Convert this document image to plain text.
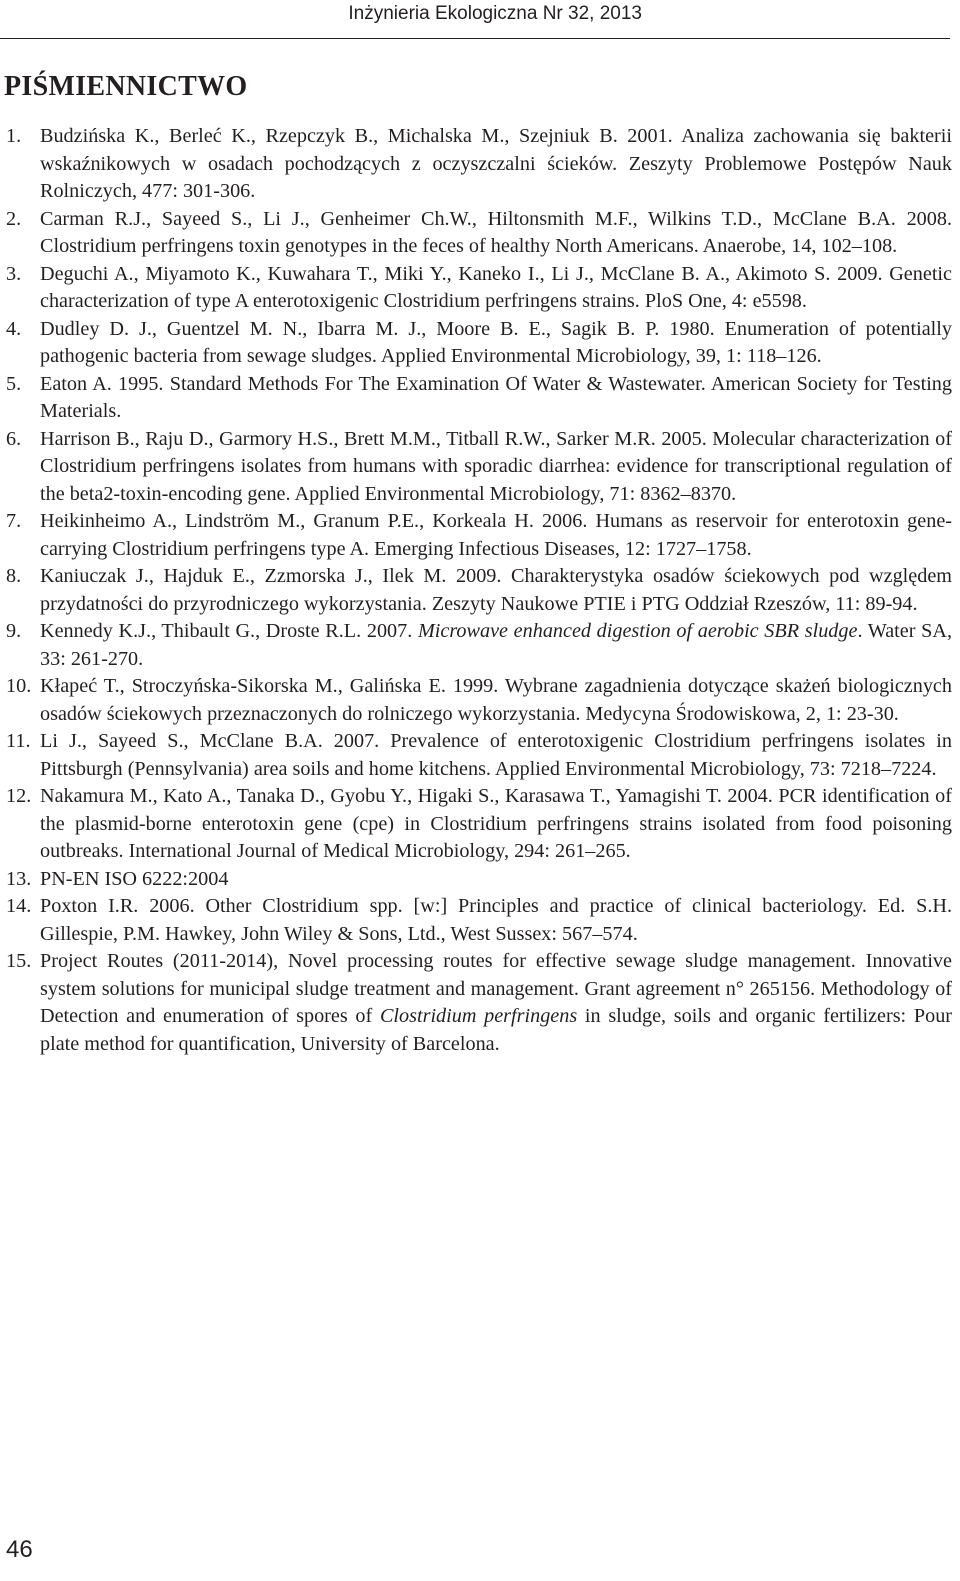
Inżynieria Ekologiczna Nr 32, 2013
PIŚMIENNICTWO
1. Budzińska K., Berleć K., Rzepczyk B., Michalska M., Szejniuk B. 2001. Analiza zachowania się bakterii wskaźnikowych w osadach pochodzących z oczyszczalni ścieków. Zeszyty Problemowe Postępów Nauk Rolniczych, 477: 301-306.
2. Carman R.J., Sayeed S., Li J., Genheimer Ch.W., Hiltonsmith M.F., Wilkins T.D., McClane B.A. 2008. Clostridium perfringens toxin genotypes in the feces of healthy North Americans. Anaerobe, 14, 102–108.
3. Deguchi A., Miyamoto K., Kuwahara T., Miki Y., Kaneko I., Li J., McClane B. A., Akimoto S. 2009. Genetic characterization of type A enterotoxigenic Clostridium perfringens strains. PloS One, 4: e5598.
4. Dudley D. J., Guentzel M. N., Ibarra M. J., Moore B. E., Sagik B. P. 1980. Enumeration of potentially pathogenic bacteria from sewage sludges. Applied Environmental Microbiology, 39, 1: 118–126.
5. Eaton A. 1995. Standard Methods For The Examination Of Water & Wastewater. American Society for Testing Materials.
6. Harrison B., Raju D., Garmory H.S., Brett M.M., Titball R.W., Sarker M.R. 2005. Molecular characterization of Clostridium perfringens isolates from humans with sporadic diarrhea: evidence for transcriptional regulation of the beta2-toxin-encoding gene. Applied Environmental Microbiology, 71: 8362–8370.
7. Heikinheimo A., Lindström M., Granum P.E., Korkeala H. 2006. Humans as reservoir for enterotoxin gene-carrying Clostridium perfringens type A. Emerging Infectious Diseases, 12: 1727–1758.
8. Kaniuczak J., Hajduk E., Zzmorska J., Ilek M. 2009. Charakterystyka osadów ściekowych pod względem przydatności do przyrodniczego wykorzystania. Zeszyty Naukowe PTIE i PTG Oddział Rzeszów, 11: 89-94.
9. Kennedy K.J., Thibault G., Droste R.L. 2007. Microwave enhanced digestion of aerobic SBR sludge. Water SA, 33: 261-270.
10. Kłapeć T., Stroczyńska-Sikorska M., Galińska E. 1999. Wybrane zagadnienia dotyczące skażeń biologicznych osadów ściekowych przeznaczonych do rolniczego wykorzystania. Medycyna Środowiskowa, 2, 1: 23-30.
11. Li J., Sayeed S., McClane B.A. 2007. Prevalence of enterotoxigenic Clostridium perfringens isolates in Pittsburgh (Pennsylvania) area soils and home kitchens. Applied Environmental Microbiology, 73: 7218–7224.
12. Nakamura M., Kato A., Tanaka D., Gyobu Y., Higaki S., Karasawa T., Yamagishi T. 2004. PCR identification of the plasmid-borne enterotoxin gene (cpe) in Clostridium perfringens strains isolated from food poisoning outbreaks. International Journal of Medical Microbiology, 294: 261–265.
13. PN-EN ISO 6222:2004
14. Poxton I.R. 2006. Other Clostridium spp. [w:] Principles and practice of clinical bacteriology. Ed. S.H. Gillespie, P.M. Hawkey, John Wiley & Sons, Ltd., West Sussex: 567–574.
15. Project Routes (2011-2014), Novel processing routes for effective sewage sludge management. Innovative system solutions for municipal sludge treatment and management. Grant agreement n° 265156. Methodology of Detection and enumeration of spores of Clostridium perfringens in sludge, soils and organic fertilizers: Pour plate method for quantification, University of Barcelona.
46
